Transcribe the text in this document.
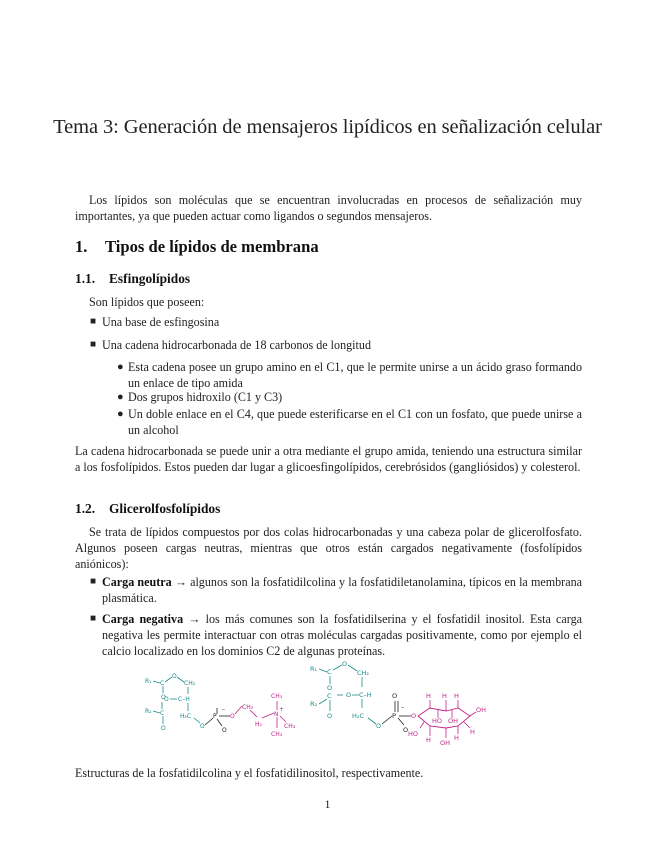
Tema 3: Generación de mensajeros lipídicos en señalización celular
Los lípidos son moléculas que se encuentran involucradas en procesos de señalización muy importantes, ya que pueden actuar como ligandos o segundos mensajeros.
1. Tipos de lípidos de membrana
1.1. Esfingolípidos
Son lípidos que poseen:
■ Una base de esfingosina
■ Una cadena hidrocarbonada de 18 carbonos de longitud
● Esta cadena posee un grupo amino en el C1, que le permite unirse a un ácido graso formando un enlace de tipo amida
● Dos grupos hidroxilo (C1 y C3)
● Un doble enlace en el C4, que puede esterificarse en el C1 con un fosfato, que puede unirse a un alcohol
La cadena hidrocarbonada se puede unir a otra mediante el grupo amida, teniendo una estructura similar a los fosfolípidos. Estos pueden dar lugar a glicoesfingolípidos, cerebrósidos (gangliósidos) y colesterol.
1.2. Glicerolfosfolípidos
Se trata de lípidos compuestos por dos colas hidrocarbonadas y una cabeza polar de glicerolfosfato. Algunos poseen cargas neutras, mientras que otros están cargados negativamente (fosfolípidos aniónicos):
■ Carga neutra → algunos son la fosfatidilcolina y la fosfatidiletanolamina, típicos en la membrana plasmática.
■ Carga negativa → los más comunes son la fosfatidilserina y el fosfatidil inositol. Esta carga negativa les permite interactuar con otras moléculas cargadas positivamente, como por ejemplo el calcio localizado en los dominios C2 de algunas proteínas.
R₁ C
O
O
CH₂
C–H
O
R₂ C
O
H₂C
O
P
–
O
O
CH₂
H₂
N
+
CH₃
CH₃
CH₃
R₁ C
O
O
CH₂
O C–H
C
R₂
O	H₂C
O
P
O
–
O
O
H H H
OH
H
OH
H
HO
HO OH
H
Estructuras de la fosfatidilcolina y el fosfatidilinositol, respectivamente.
1
